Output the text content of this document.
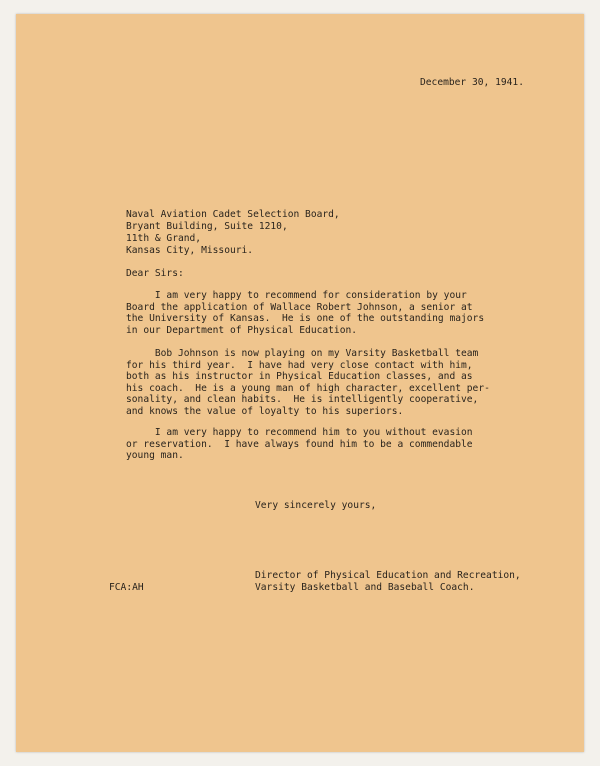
December 30, 1941.
Naval Aviation Cadet Selection Board,
Bryant Building, Suite 1210,
11th & Grand,
Kansas City, Missouri.
Dear Sirs:
I am very happy to recommend for consideration by your
Board the application of Wallace Robert Johnson, a senior at
the University of Kansas.  He is one of the outstanding majors
in our Department of Physical Education.
Bob Johnson is now playing on my Varsity Basketball team
for his third year.  I have had very close contact with him,
both as his instructor in Physical Education classes, and as
his coach.  He is a young man of high character, excellent per-
sonality, and clean habits.  He is intelligently cooperative,
and knows the value of loyalty to his superiors.
I am very happy to recommend him to you without evasion
or reservation.  I have always found him to be a commendable
young man.
Very sincerely yours,
Director of Physical Education and Recreation,
Varsity Basketball and Baseball Coach.
FCA:AH
